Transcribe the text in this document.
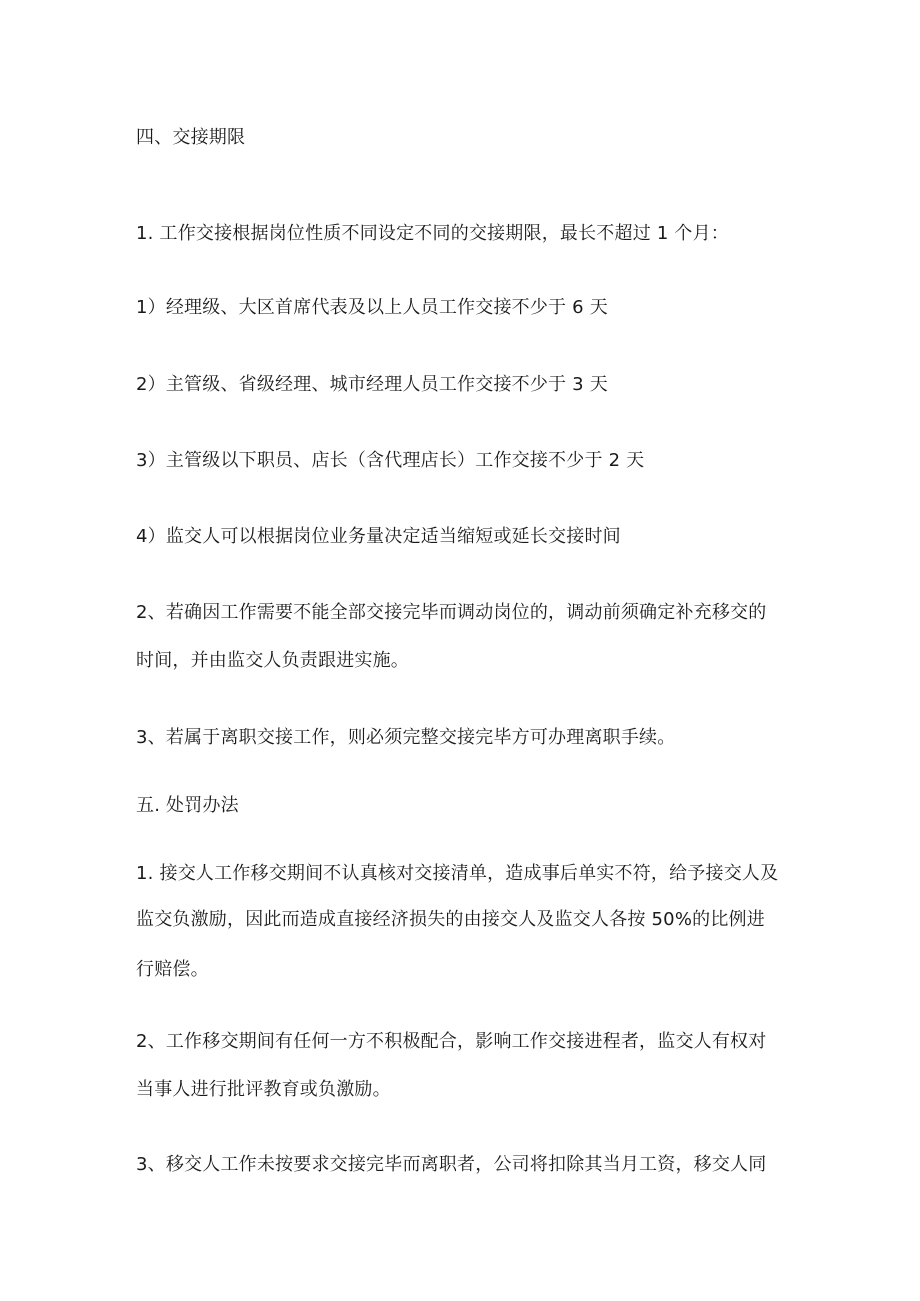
四、交接期限
1. 工作交接根据岗位性质不同设定不同的交接期限，最长不超过 1 个月：
1）经理级、大区首席代表及以上人员工作交接不少于 6 天
2）主管级、省级经理、城市经理人员工作交接不少于 3 天
3）主管级以下职员、店长（含代理店长）工作交接不少于 2 天
4）监交人可以根据岗位业务量决定适当缩短或延长交接时间
2、若确因工作需要不能全部交接完毕而调动岗位的，调动前须确定补充移交的
时间，并由监交人负责跟进实施。
3、若属于离职交接工作，则必须完整交接完毕方可办理离职手续。
五. 处罚办法
1. 接交人工作移交期间不认真核对交接清单，造成事后单实不符，给予接交人及
监交负激励，因此而造成直接经济损失的由接交人及监交人各按 50%的比例进
行赔偿。
2、工作移交期间有任何一方不积极配合，影响工作交接进程者，监交人有权对
当事人进行批评教育或负激励。
3、移交人工作未按要求交接完毕而离职者，公司将扣除其当月工资，移交人同
